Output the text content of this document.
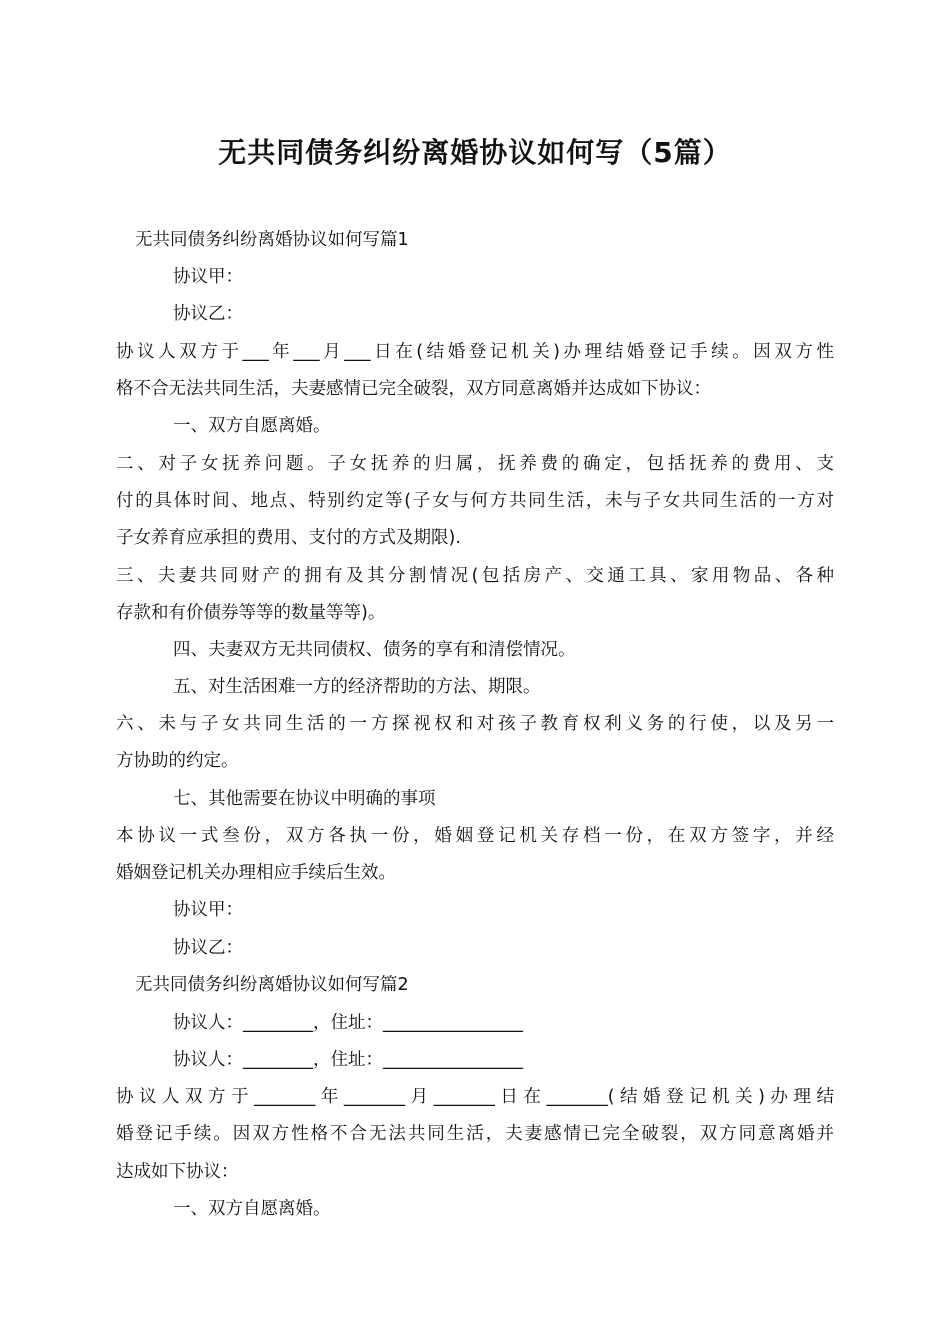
无共同债务纠纷离婚协议如何写（5篇）
无共同债务纠纷离婚协议如何写篇1
协议甲：
协议乙：
协议人双方于___年___月___日在(结婚登记机关)办理结婚登记手续。因双方性
格不合无法共同生活，夫妻感情已完全破裂，双方同意离婚并达成如下协议：
一、双方自愿离婚。
二、对子女抚养问题。子女抚养的归属，抚养费的确定，包括抚养的费用、支
付的具体时间、地点、特别约定等(子女与何方共同生活，未与子女共同生活的一方对
子女养育应承担的费用、支付的方式及期限).
三、夫妻共同财产的拥有及其分割情况(包括房产、交通工具、家用物品、各种
存款和有价债券等等的数量等等)。
四、夫妻双方无共同债权、债务的享有和清偿情况。
五、对生活困难一方的经济帮助的方法、期限。
六、未与子女共同生活的一方探视权和对孩子教育权利义务的行使，以及另一
方协助的约定。
七、其他需要在协议中明确的事项
本协议一式叁份，双方各执一份，婚姻登记机关存档一份，在双方签字，并经
婚姻登记机关办理相应手续后生效。
协议甲：
协议乙：
无共同债务纠纷离婚协议如何写篇2
协议人：________，住址：________________
协议人：________，住址：________________
协议人双方于_______年_______月_______日在_______(结婚登记机关)办理结
婚登记手续。因双方性格不合无法共同生活，夫妻感情已完全破裂，双方同意离婚并
达成如下协议：
一、双方自愿离婚。
